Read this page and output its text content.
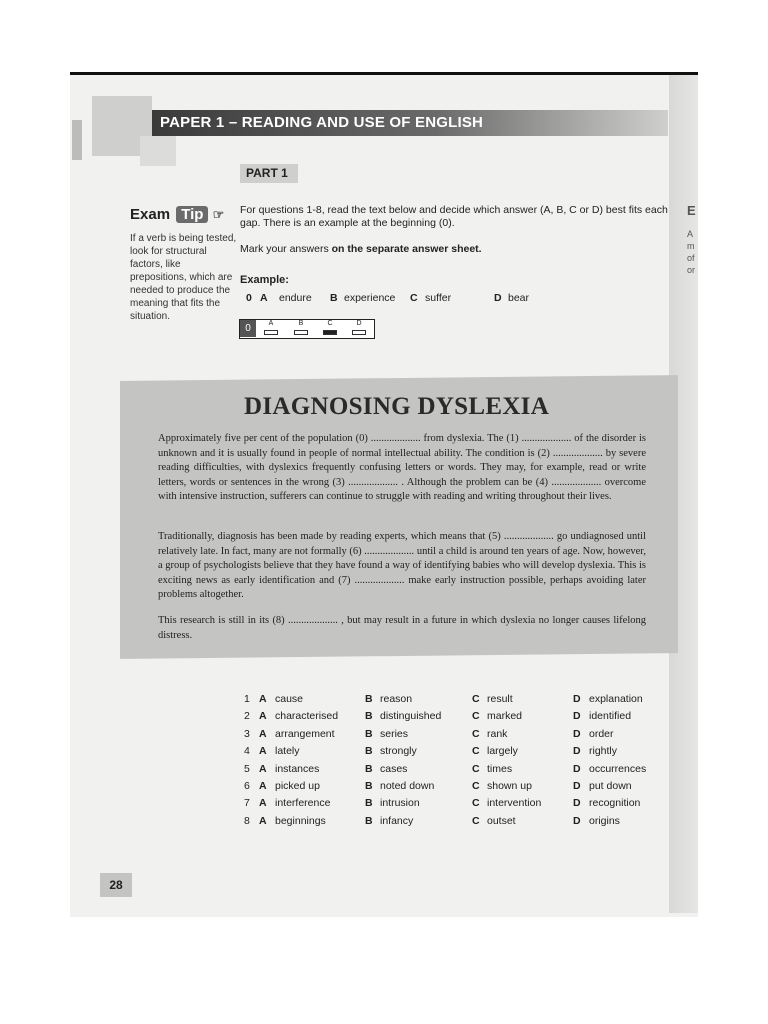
E
A
m
of
or
PAPER 1 – READING AND USE OF ENGLISH
PART 1
Exam Tip ☞
If a verb is being tested, look for structural factors, like prepositions, which are needed to produce the meaning that fits the situation.
For questions 1-8, read the text below and decide which answer (A, B, C or D) best fits each gap. There is an example at the beginning (0).
Mark your answers on the separate answer sheet.
Example:
0 A endure B experience C suffer	D bear
0	A	B	C	D
DIAGNOSING DYSLEXIA
Approximately five per cent of the population (0) ................... from dyslexia. The (1) ................... of the disorder is unknown and it is usually found in people of normal intellectual ability. The condition is (2) ................... by severe reading difficulties, with dyslexics frequently confusing letters or words. They may, for example, read or write letters, words or sentences in the wrong (3) ................... . Although the problem can be (4) ................... overcome with intensive instruction, sufferers can continue to struggle with reading and writing throughout their lives.
Traditionally, diagnosis has been made by reading experts, which means that (5) ................... go undiagnosed until relatively late. In fact, many are not formally (6) ................... until a child is around ten years of age. Now, however, a group of psychologists believe that they have found a way of identifying babies who will develop dyslexia. This is exciting news as early identification and (7) ................... make early instruction possible, perhaps avoiding later problems altogether.
This research is still in its (8) ................... , but may result in a future in which dyslexia no longer causes lifelong distress.
1 A cause	B reason	C result	D explanation
2 A characterised	B distinguished	C marked	D identified
3 A arrangement	B series	C rank	D order
4 A lately	B strongly	C largely	D rightly
5 A instances	B cases	C times	D occurrences
6 A picked up	B noted down	C shown up	D put down
7 A interference	B intrusion	C intervention	D recognition
8 A beginnings	B infancy	C outset	D origins
28
